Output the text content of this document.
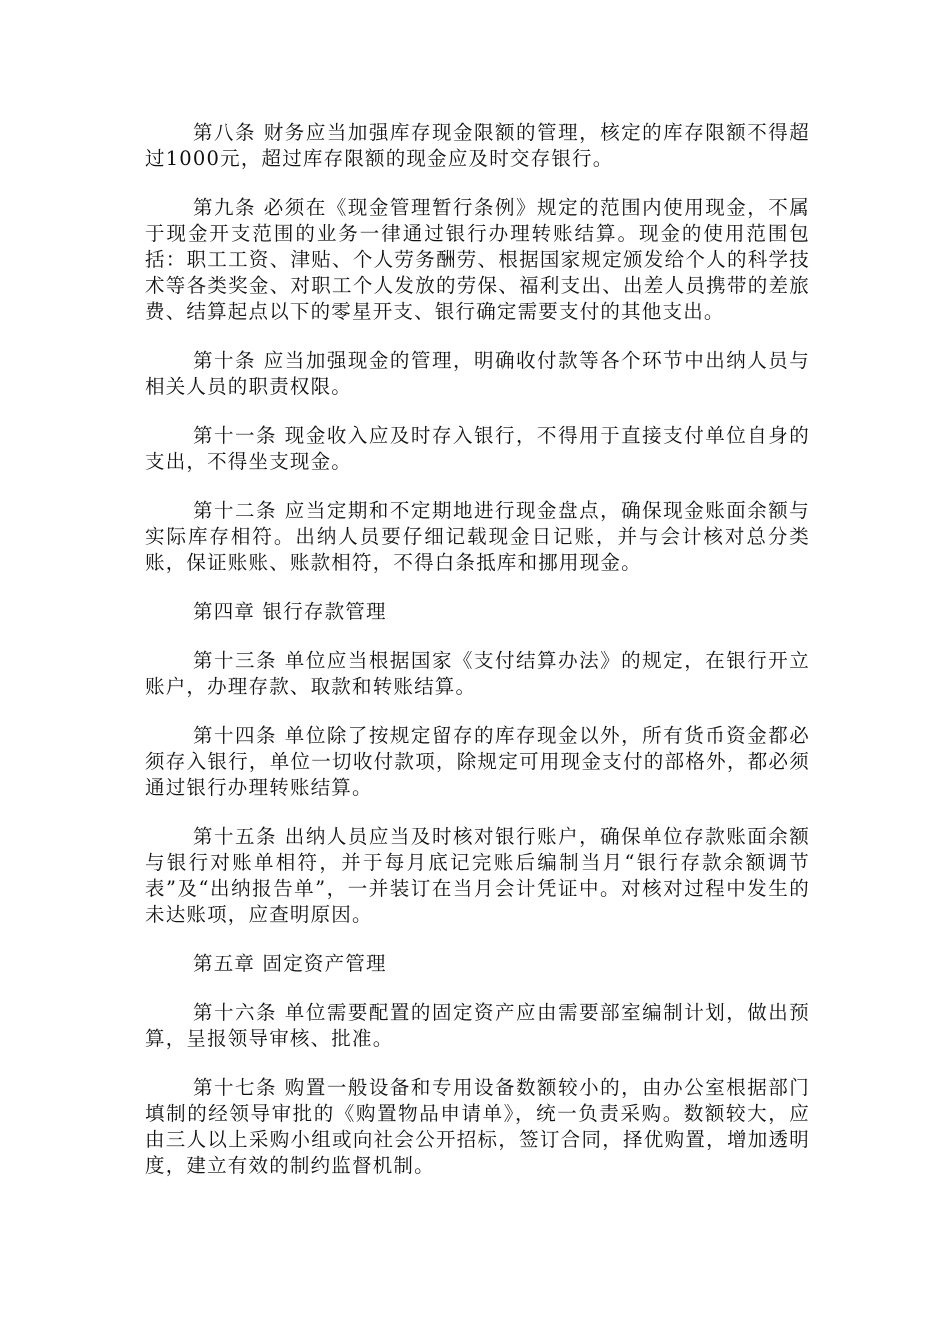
第八条 财务应当加强库存现金限额的管理，核定的库存限额不得超过1000元，超过库存限额的现金应及时交存银行。

第九条 必须在《现金管理暂行条例》规定的范围内使用现金，不属于现金开支范围的业务一律通过银行办理转账结算。现金的使用范围包括：职工工资、津贴、个人劳务酬劳、根据国家规定颁发给个人的科学技术等各类奖金、对职工个人发放的劳保、福利支出、出差人员携带的差旅费、结算起点以下的零星开支、银行确定需要支付的其他支出。

第十条 应当加强现金的管理，明确收付款等各个环节中出纳人员与相关人员的职责权限。

第十一条 现金收入应及时存入银行，不得用于直接支付单位自身的支出，不得坐支现金。

第十二条 应当定期和不定期地进行现金盘点，确保现金账面余额与实际库存相符。出纳人员要仔细记载现金日记账，并与会计核对总分类账，保证账账、账款相符，不得白条抵库和挪用现金。

第四章 银行存款管理

第十三条 单位应当根据国家《支付结算办法》的规定，在银行开立账户，办理存款、取款和转账结算。

第十四条 单位除了按规定留存的库存现金以外，所有货币资金都必须存入银行，单位一切收付款项，除规定可用现金支付的部格外，都必须通过银行办理转账结算。

第十五条 出纳人员应当及时核对银行账户，确保单位存款账面余额与银行对账单相符，并于每月底记完账后编制当月“银行存款余额调节表”及“出纳报告单”，一并装订在当月会计凭证中。对核对过程中发生的未达账项，应查明原因。

第五章 固定资产管理

第十六条 单位需要配置的固定资产应由需要部室编制计划，做出预算，呈报领导审核、批准。

第十七条 购置一般设备和专用设备数额较小的，由办公室根据部门填制的经领导审批的《购置物品申请单》，统一负责采购。数额较大，应由三人以上采购小组或向社会公开招标，签订合同，择优购置，增加透明度，建立有效的制约监督机制。
